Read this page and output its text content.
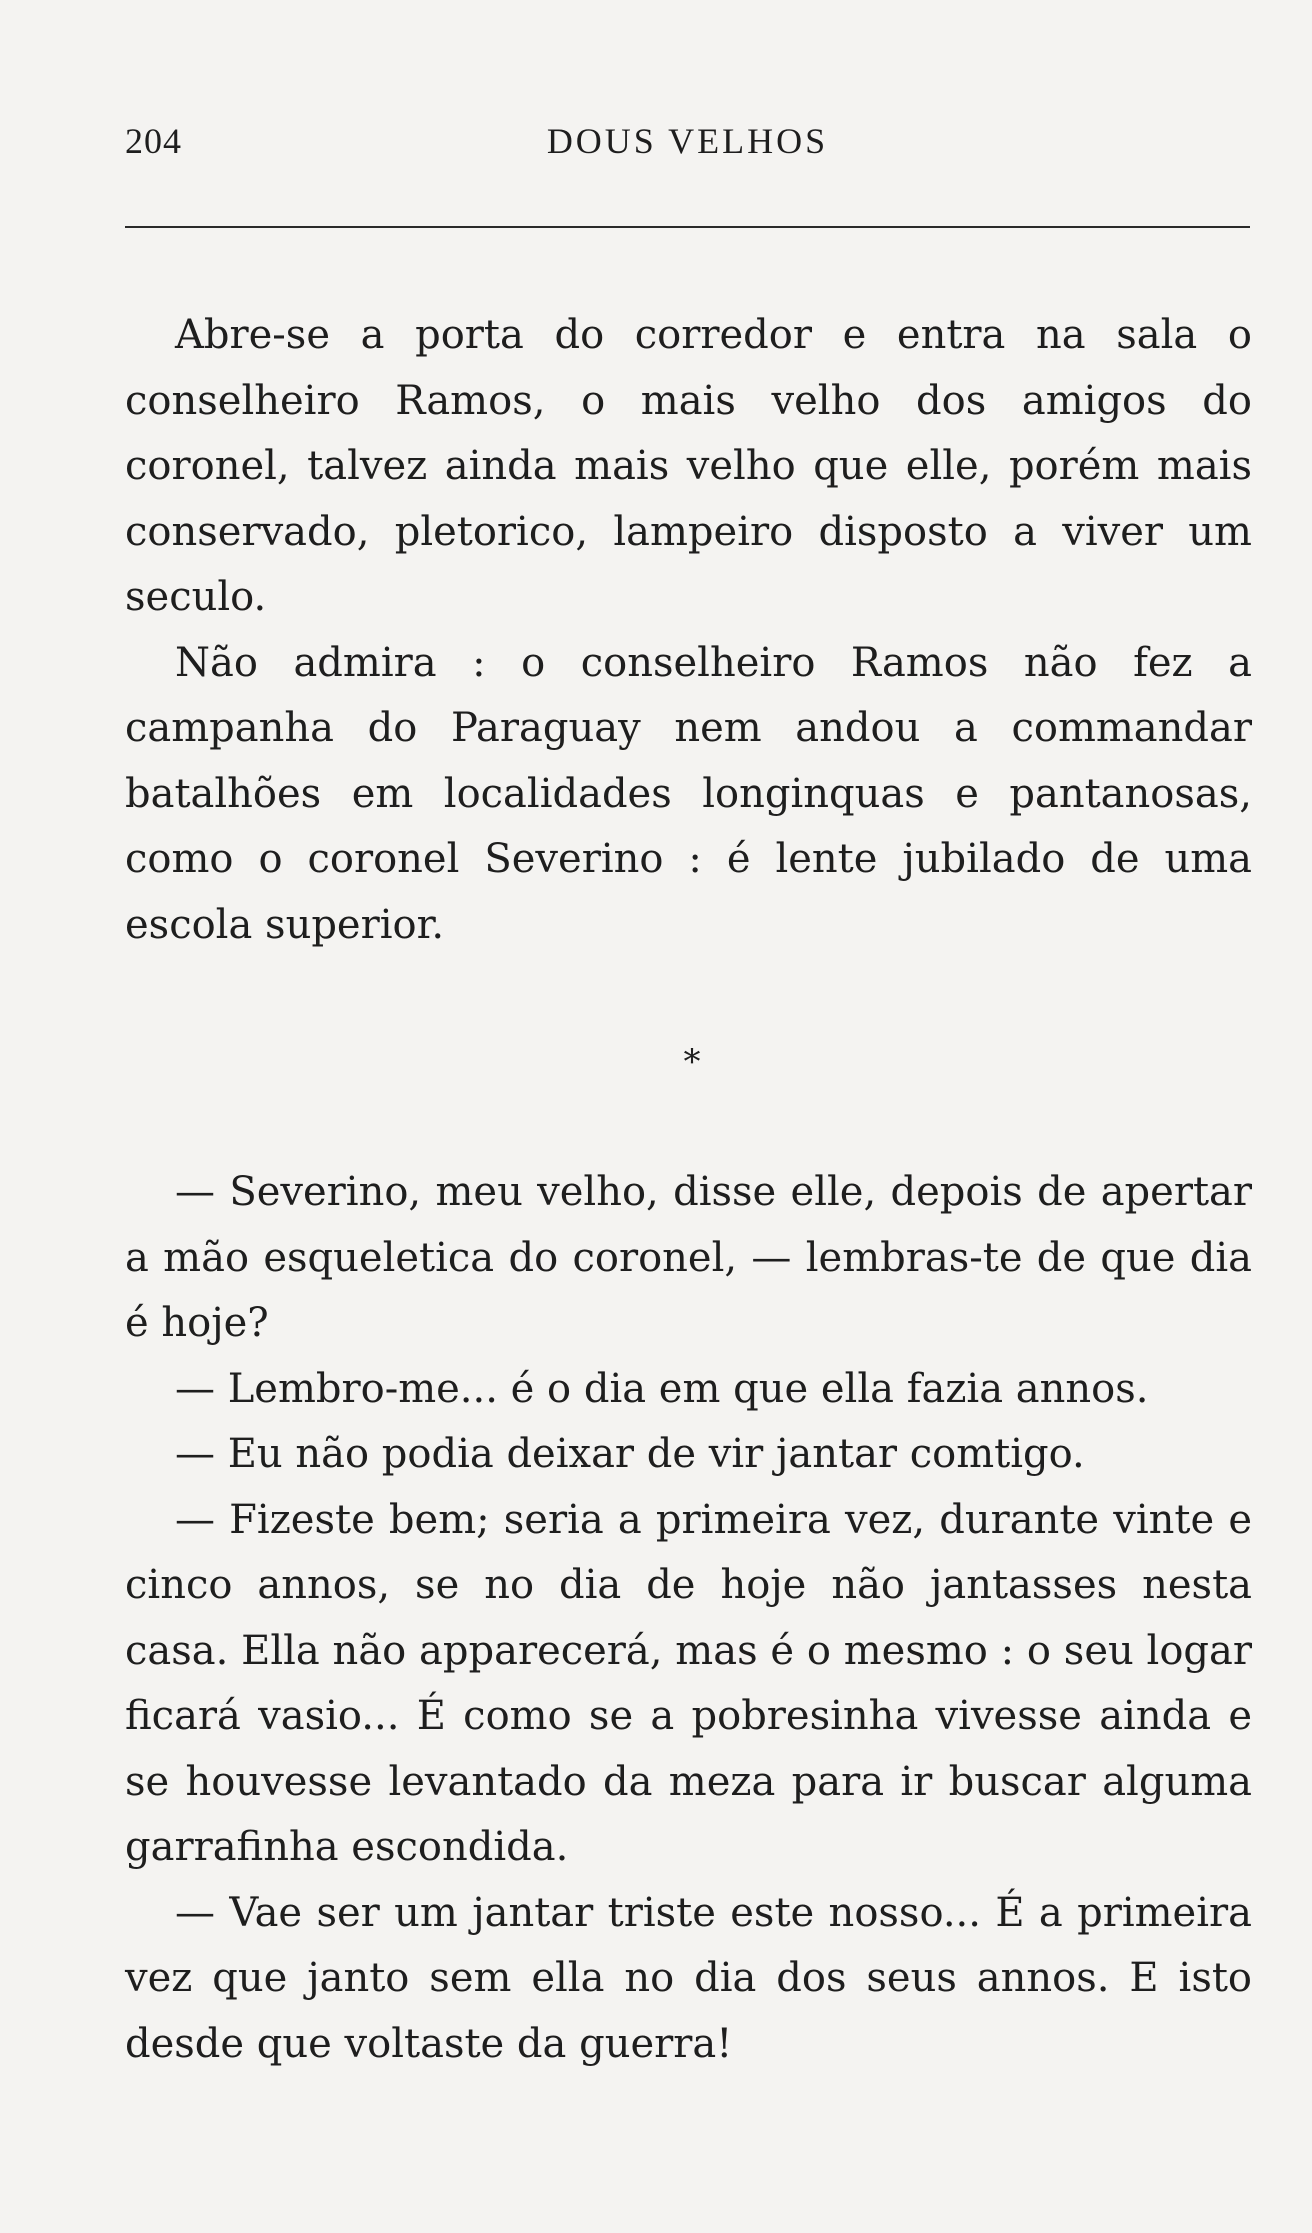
204	DOUS VELHOS

Abre-se a porta do corredor e entra na sala o conselheiro Ramos, o mais velho dos amigos do coronel, talvez ainda mais velho que elle, porém mais conservado, pletorico, lampeiro disposto a viver um seculo.

Não admira : o conselheiro Ramos não fez a campanha do Paraguay nem andou a commandar batalhões em localidades longinquas e pantanosas, como o coronel Severino : é lente jubilado de uma escola superior.

*

— Severino, meu velho, disse elle, depois de apertar a mão esqueletica do coronel, — lembras-te de que dia é hoje?

— Lembro-me... é o dia em que ella fazia annos.

— Eu não podia deixar de vir jantar comtigo.

— Fizeste bem; seria a primeira vez, durante vinte e cinco annos, se no dia de hoje não jantasses nesta casa. Ella não apparecerá, mas é o mesmo : o seu logar ficará vasio... É como se a pobresinha vivesse ainda e se houvesse levantado da meza para ir buscar alguma garrafinha escondida.

— Vae ser um jantar triste este nosso... É a primeira vez que janto sem ella no dia dos seus annos. E isto desde que voltaste da guerra!
